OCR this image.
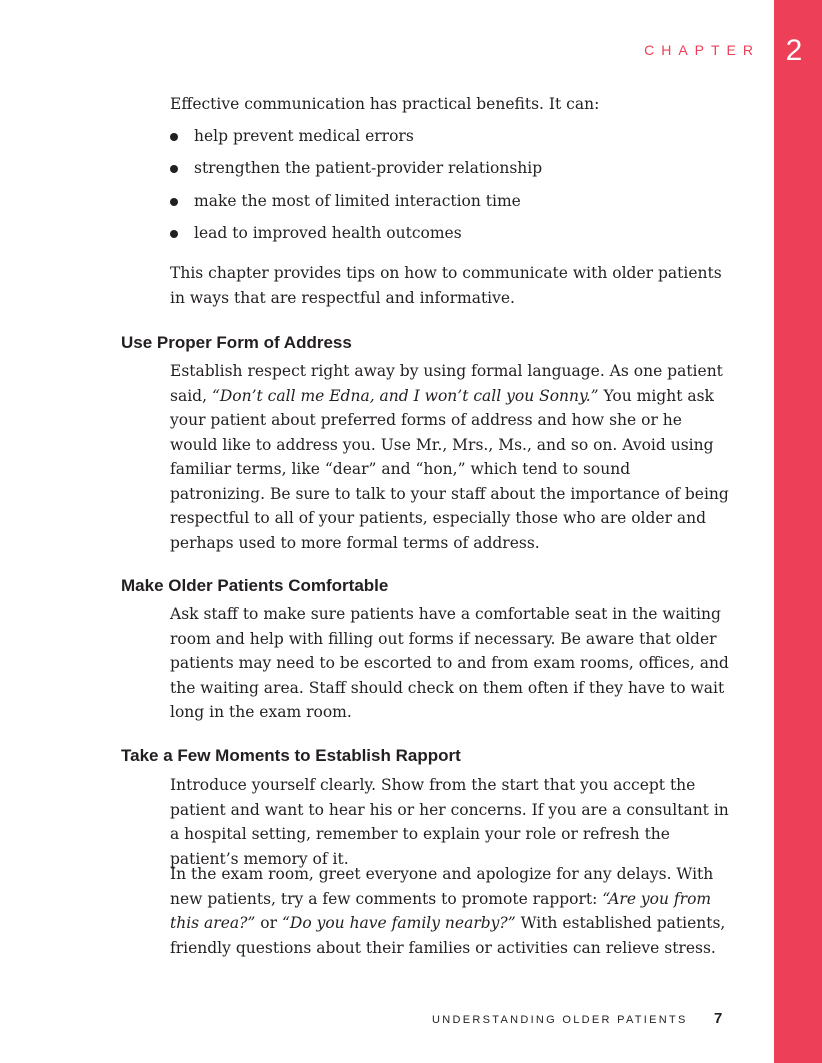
CHAPTER 2

Effective communication has practical benefits. It can:

help prevent medical errors
strengthen the patient-provider relationship
make the most of limited interaction time
lead to improved health outcomes

This chapter provides tips on how to communicate with older patients in ways that are respectful and informative.

Use Proper Form of Address

Establish respect right away by using formal language. As one patient said, “Don’t call me Edna, and I won’t call you Sonny.” You might ask your patient about preferred forms of address and how she or he would like to address you. Use Mr., Mrs., Ms., and so on. Avoid using familiar terms, like “dear” and “hon,” which tend to sound patronizing. Be sure to talk to your staff about the importance of being respectful to all of your patients, especially those who are older and perhaps used to more formal terms of address.

Make Older Patients Comfortable

Ask staff to make sure patients have a comfortable seat in the waiting room and help with filling out forms if necessary. Be aware that older patients may need to be escorted to and from exam rooms, offices, and the waiting area. Staff should check on them often if they have to wait long in the exam room.

Take a Few Moments to Establish Rapport

Introduce yourself clearly. Show from the start that you accept the patient and want to hear his or her concerns. If you are a consultant in a hospital setting, remember to explain your role or refresh the patient’s memory of it.

In the exam room, greet everyone and apologize for any delays. With new patients, try a few comments to promote rapport: “Are you from this area?” or “Do you have family nearby?” With established patients, friendly questions about their families or activities can relieve stress.

UNDERSTANDING OLDER PATIENTS 7
